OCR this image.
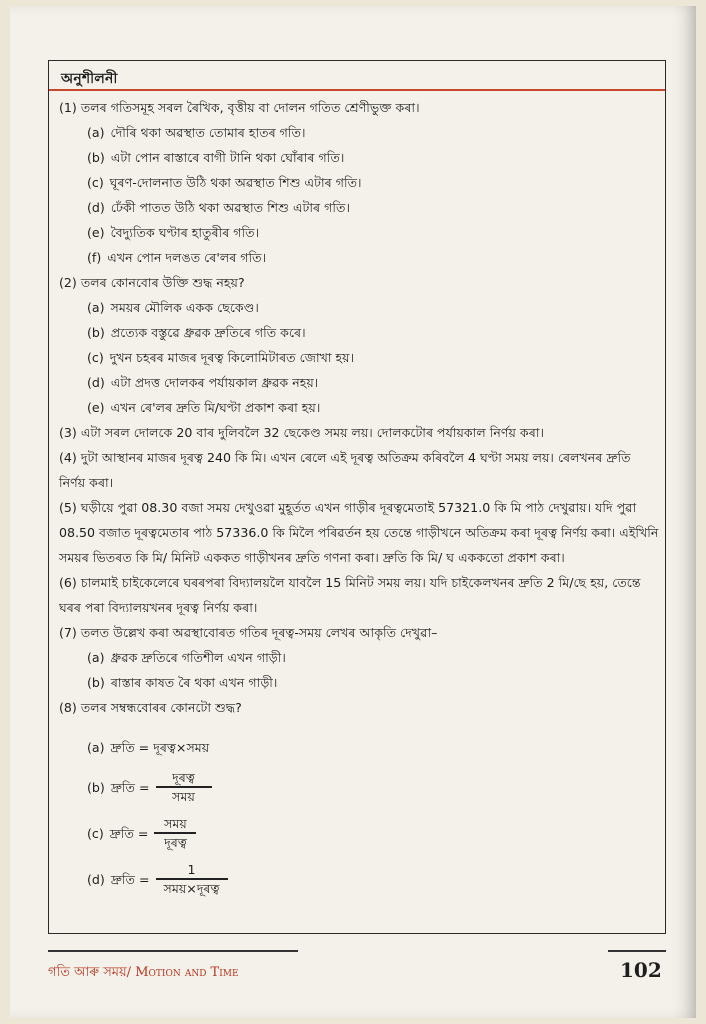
অনুশীলনী

(1) তলৰ গতিসমূহ সৰল ৰৈখিক, বৃত্তীয় বা দোলন গতিত শ্ৰেণীভুক্ত কৰা।

(a) দৌৰি থকা অৱস্থাত তোমাৰ হাতৰ গতি।

(b) এটা পোন ৰাস্তাৰে বাগী টানি থকা ঘোঁৰাৰ গতি।

(c) ঘূৰণ-দোলনাত উঠি থকা অৱস্থাত শিশু এটাৰ গতি।

(d) ঢেঁকী পাতত উঠি থকা অৱস্থাত শিশু এটাৰ গতি।

(e) বৈদ্যুতিক ঘণ্টাৰ হাতুৰীৰ গতি।

(f) এখন পোন দলঙত ৰে'লৰ গতি।

(2) তলৰ কোনবোৰ উক্তি শুদ্ধ নহয়?

(a) সময়ৰ মৌলিক একক ছেকেণ্ড।

(b) প্ৰত্যেক বস্তুৱে ধ্ৰুৱক দ্ৰুতিৰে গতি কৰে।

(c) দুখন চহৰৰ মাজৰ দূৰত্ব কিলোমিটাৰত জোখা হয়।

(d) এটা প্ৰদত্ত দোলকৰ পৰ্যায়কাল ধ্ৰুৱক নহয়।

(e) এখন ৰে'লৰ দ্ৰুতি মি/ঘণ্টা প্ৰকাশ কৰা হয়।

(3) এটা সৰল দোলকে 20 বাৰ দুলিবলৈ 32 ছেকেণ্ড সময় লয়। দোলকটোৰ পৰ্যায়কাল নিৰ্ণয় কৰা।

(4) দুটা আস্থানৰ মাজৰ দূৰত্ব 240 কি মি। এখন ৰেলে এই দূৰত্ব অতিক্ৰম কৰিবলৈ 4 ঘণ্টা সময় লয়। ৰেলখনৰ দ্ৰুতি নিৰ্ণয় কৰা।

(5) ঘড়ীয়ে পুৱা 08.30 বজা সময় দেখুওৱা মুহূৰ্তত এখন গাড়ীৰ দূৰত্বমেতাই 57321.0 কি মি পাঠ দেখুৱায়। যদি পুৱা 08.50 বজাত দূৰত্বমেতাৰ পাঠ 57336.0 কি মিলৈ পৰিৱৰ্তন হয় তেন্তে গাড়ীখনে অতিক্ৰম কৰা দূৰত্ব নিৰ্ণয় কৰা। এইখিনি সময়ৰ ভিতৰত কি মি/ মিনিট এককত গাড়ীখনৰ দ্ৰুতি গণনা কৰা। দ্ৰুতি কি মি/ ঘ এককতো প্ৰকাশ কৰা।

(6) চালমাই চাইকেলেৰে ঘৰৰপৰা বিদ্যালয়লৈ যাবলৈ 15 মিনিট সময় লয়। যদি চাইকেলখনৰ দ্ৰুতি 2 মি/ছে হয়, তেন্তে ঘৰৰ পৰা বিদ্যালয়খনৰ দূৰত্ব নিৰ্ণয় কৰা।

(7) তলত উল্লেখ কৰা অৱস্থাবোৰত গতিৰ দূৰত্ব-সময় লেখৰ আকৃতি দেখুৱা–

(a) ধ্ৰুৱক দ্ৰুতিৰে গতিশীল এখন গাড়ী।

(b) ৰাস্তাৰ কাষত ৰৈ থকা এখন গাড়ী।

(8) তলৰ সম্বন্ধবোৰৰ কোনটো শুদ্ধ?

(a) দ্ৰুতি = দূৰত্ব×সময়
(b) দ্ৰুতি = $\frac{\text{দূৰত্ব}}{\text{সময়}}$
(c) দ্ৰুতি = $\frac{\text{সময়}}{\text{দূৰত্ব}}$
(d) দ্ৰুতি = $\frac{1}{\text{সময়×দূৰত্ব}}$
গতি আৰু সময়/ Motion and Time	102
